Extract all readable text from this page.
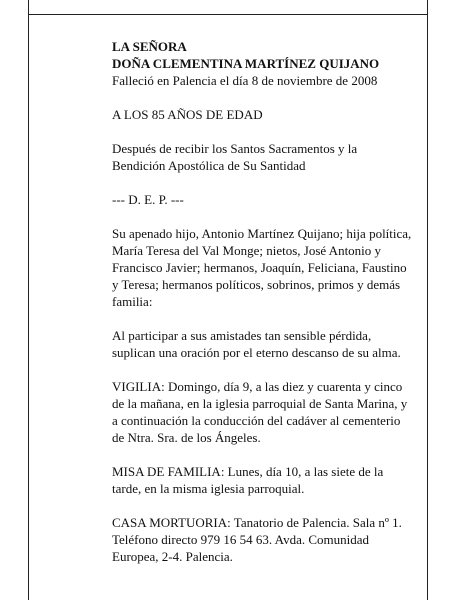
LA SEÑORA

DOÑA CLEMENTINA MARTÍNEZ QUIJANO

Falleció en Palencia el día 8 de noviembre de 2008

A LOS 85 AÑOS DE EDAD

Después de recibir los Santos Sacramentos y la Bendición Apostólica de Su Santidad

--- D. E. P. ---

Su apenado hijo, Antonio Martínez Quijano; hija política, María Teresa del Val Monge; nietos, José Antonio y Francisco Javier; hermanos, Joaquín, Feliciana, Faustino y Teresa; hermanos políticos, sobrinos, primos y demás familia:

Al participar a sus amistades tan sensible pérdida, suplican una oración por el eterno descanso de su alma.

VIGILIA: Domingo, día 9, a las diez y cuarenta y cinco de la mañana, en la iglesia parroquial de Santa Marina, y a continuación la conducción del cadáver al cementerio de Ntra. Sra. de los Ángeles.

MISA DE FAMILIA: Lunes, día 10, a las siete de la tarde, en la misma iglesia parroquial.

CASA MORTUORIA: Tanatorio de Palencia. Sala nº 1. Teléfono directo 979 16 54 63. Avda. Comunidad Europea, 2-4. Palencia.
